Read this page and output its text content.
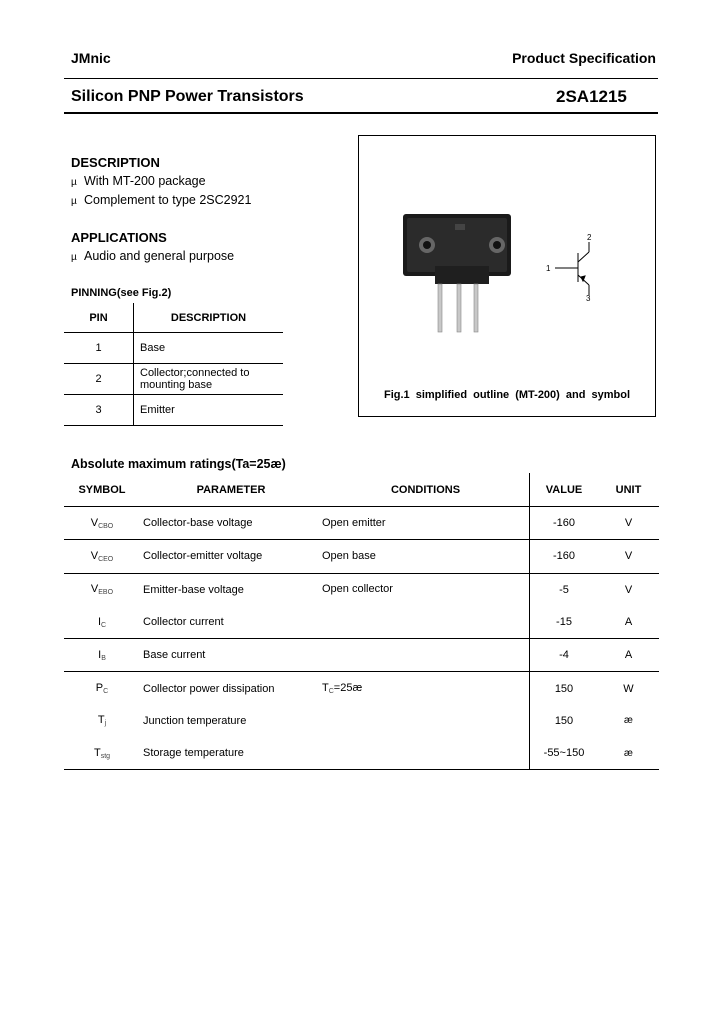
JMnic	Product Specification
Silicon PNP Power Transistors	2SA1215
DESCRIPTION
µ With MT-200 package
µ Complement to type 2SC2921
APPLICATIONS
µ Audio and general purpose
PINNING(see Fig.2)
PIN	DESCRIPTION
1	Base
2	Collector;connected to mounting base
3	Emitter
1
2
3
Fig.1 simplified outline (MT-200) and symbol
Absolute maximum ratings(Ta=25æ)
SYMBOL	PARAMETER	CONDITIONS	VALUE	UNIT
$V_{CBO}$	Collector-base voltage	Open emitter	-160	V
$V_{CEO}$	Collector-emitter voltage	Open base	-160	V
$V_{EBO}$	Emitter-base voltage	Open collector	-5	V
$I_C$	Collector current		-15	A
$I_B$	Base current		-4	A
$P_C$	Collector power dissipation	$T_C=25æ$	150	W
$T_j$	Junction temperature		150	æ
$T_{stg}$	Storage temperature		-55~150	æ
